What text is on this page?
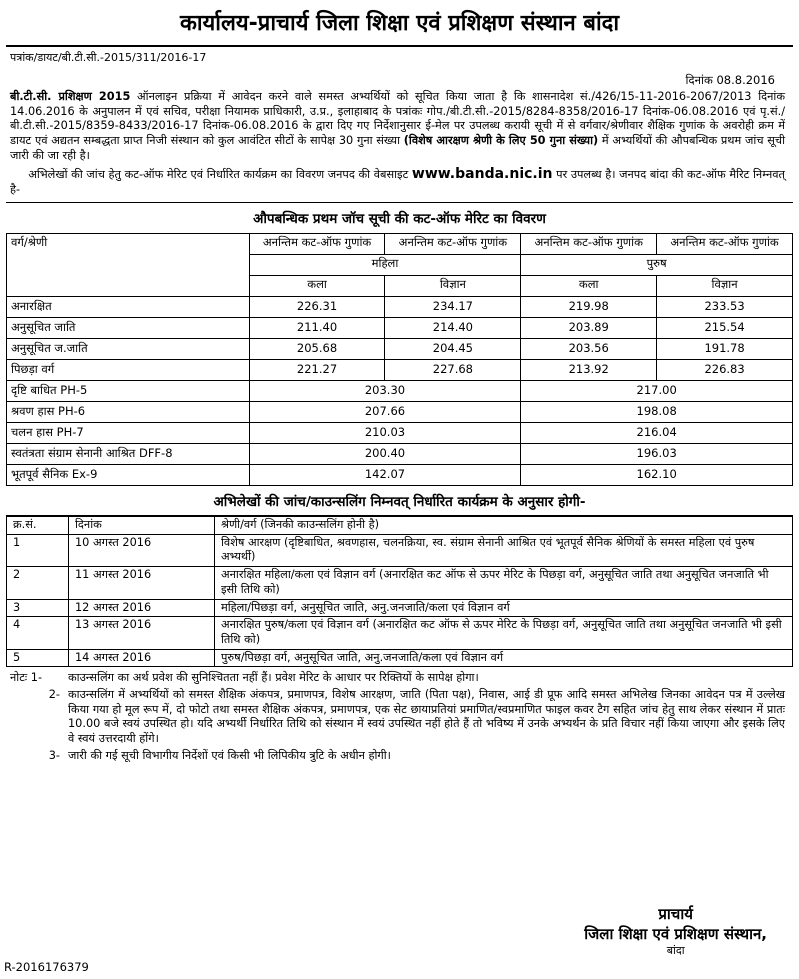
कार्यालय-प्राचार्य जिला शिक्षा एवं प्रशिक्षण संस्थान बांदा
पत्रांक/डायट/बी.टी.सी.-2015/311/2016-17
दिनांक 08.8.2016

बी.टी.सी. प्रशिक्षण 2015 ऑनलाइन प्रक्रिया में आवेदन करने वाले समस्त अभ्यर्थियों को सूचित किया जाता है कि शासनादेश सं./426/15-11-2016-2067/2013 दिनांक 14.06.2016 के अनुपालन में एवं सचिव, परीक्षा नियामक प्राधिकारी, उ.प्र., इलाहाबाद के पत्रांकः गोप./बी.टी.सी.-2015/8284-8358/2016-17 दिनांक-06.08.2016 एवं पृ.सं./बी.टी.सी.-2015/8359-8433/2016-17 दिनांक-06.08.2016 के द्वारा दिए गए निर्देशानुसार ई-मेल पर उपलब्ध करायी सूची में से वर्गवार/श्रेणीवार शैक्षिक गुणांक के अवरोही क्रम में डायट एवं अद्यतन सम्बद्धता प्राप्त निजी संस्थान को कुल आवंटित सीटों के सापेक्ष 30 गुना संख्या (विशेष आरक्षण श्रेणी के लिए 50 गुना संख्या) में अभ्यर्थियों की औपबन्धिक प्रथम जांच सूची जारी की जा रही है।

अभिलेखों की जांच हेतु कट-ऑफ मेरिट एवं निर्धारित कार्यक्रम का विवरण जनपद की वेबसाइट www.banda.nic.in पर उपलब्ध है। जनपद बांदा की कट-ऑफ मैरिट निम्नवत् है-

औपबन्धिक प्रथम जॉच सूची की कट-ऑफ मेरिट का विवरण
वर्ग/श्रेणी	अनन्तिम कट-ऑफ गुणांक	अनन्तिम कट-ऑफ गुणांक	अनन्तिम कट-ऑफ गुणांक	अनन्तिम कट-ऑफ गुणांक
	महिला		पुरुष	
	कला	विज्ञान	कला	विज्ञान
अनारक्षित	226.31	234.17	219.98	233.53
अनुसूचित जाति	211.40	214.40	203.89	215.54
अनुसूचित ज.जाति	205.68	204.45	203.56	191.78
पिछड़ा वर्ग	221.27	227.68	213.92	226.83
दृष्टि बाधित PH-5	203.30		217.00	
श्रवण हास PH-6	207.66		198.08	
चलन हास PH-7	210.03		216.04	
स्वतंत्रता संग्राम सेनानी आश्रित DFF-8	200.40		196.03	
भूतपूर्व सैनिक Ex-9	142.07		162.10	
अभिलेखों की जांच/काउन्सलिंग निम्नवत् निर्धारित कार्यक्रम के अनुसार होगी-
क्र.सं.	दिनांक	श्रेणी/वर्ग (जिनकी काउन्सलिंग होनी है)
1	10 अगस्त 2016	विशेष आरक्षण (दृष्टिबाधित, श्रवणहास, चलनक्रिया, स्व. संग्राम सेनानी आश्रित एवं भूतपूर्व सैनिक श्रेणियों के समस्त महिला एवं पुरुष अभ्यर्थी)
2	11 अगस्त 2016	अनारक्षित महिला/कला एवं विज्ञान वर्ग (अनारक्षित कट ऑफ से ऊपर मेरिट के पिछड़ा वर्ग, अनुसूचित जाति तथा अनुसूचित जनजाति भी इसी तिथि को)
3	12 अगस्त 2016	महिला/पिछड़ा वर्ग, अनुसूचित जाति, अनु.जनजाति/कला एवं विज्ञान वर्ग
4	13 अगस्त 2016	अनारक्षित पुरुष/कला एवं विज्ञान वर्ग (अनारक्षित कट ऑफ से ऊपर मेरिट के पिछड़ा वर्ग, अनुसूचित जाति तथा अनुसूचित जनजाति भी इसी तिथि को)
5	14 अगस्त 2016	पुरुष/पिछड़ा वर्ग, अनुसूचित जाति, अनु.जनजाति/कला एवं विज्ञान वर्ग
नोटः 1-	काउन्सलिंग का अर्थ प्रवेश की सुनिश्चितता नहीं हैं। प्रवेश मेरिट के आधार पर रिक्तियों के सापेक्ष होगा।
2- काउन्सलिंग में अभ्यर्थियों को समस्त शैक्षिक अंकपत्र, प्रमाणपत्र, विशेष आरक्षण, जाति (पिता पक्ष), निवास, आई डी प्रूफ आदि समस्त अभिलेख जिनका आवेदन पत्र में उल्लेख किया गया हो मूल रूप में, दो फोटो तथा समस्त शैक्षिक अंकपत्र, प्रमाणपत्र, एक सेट छायाप्रतियां प्रमाणित/स्वप्रमाणित फाइल कवर टैग सहित जांच हेतु साथ लेकर संस्थान में प्रातः 10.00 बजे स्वयं उपस्थित हो। यदि अभ्यर्थी निर्धारित तिथि को संस्थान में स्वयं उपस्थित नहीं होते हैं तो भविष्य में उनके अभ्यर्थन के प्रति विचार नहीं किया जाएगा और इसके लिए वे स्वयं उत्तरदायी होंगे।
3- जारी की गई सूची विभागीय निर्देशों एवं किसी भी लिपिकीय त्रुटि के अधीन होगी।
प्राचार्य
जिला शिक्षा एवं प्रशिक्षण संस्थान,
बांदा
R-2016176379
